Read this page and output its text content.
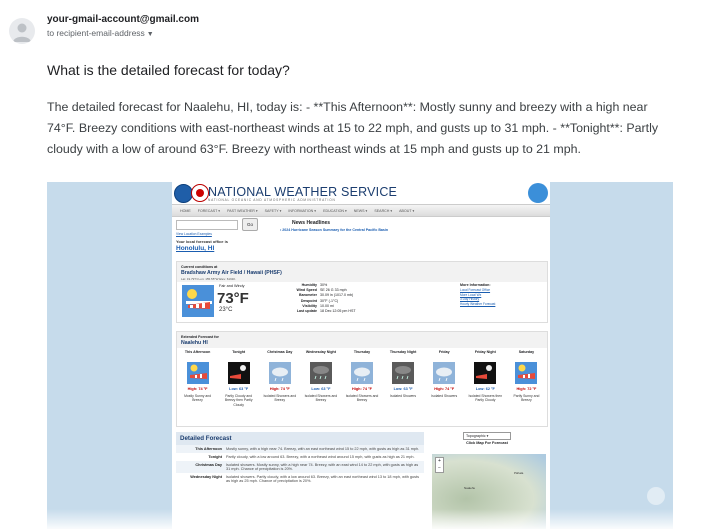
your-gmail-account@gmail.com
to recipient-email-address ▼
What is the detailed forecast for today?

The detailed forecast for Naalehu, HI, today is: - **This Afternoon**: Mostly sunny and breezy with a high near 74°F. Breezy conditions with east-northeast winds at 15 to 22 mph, and gusts up to 31 mph. - **Tonight**: Partly cloudy with a low of around 63°F. Breezy with northeast winds at 15 mph and gusts up to 21 mph.

NATIONAL WEATHER SERVICE
NATIONAL OCEANIC AND ATMOSPHERIC ADMINISTRATION
HOME FORECAST ▾ PAST WEATHER ▾ SAFETY ▾ INFORMATION ▾ EDUCATION ▾ NEWS ▾ SEARCH ▾ ABOUT ▾
Go
View Location Examples
Your local forecast office is
Honolulu, HI
News Headlines
• 2024 Hurricane Season Summary for the Central Pacific Basin
Current conditions at
Bradshaw Army Air Field / Hawaii (PHSF)
Lat: 19.79°N Lon: 155.55°W Elev: 6191ft.
Fair and Windy
73°F
23°C
Humidity 30%
Wind Speed SE 26 G 33 mph
Barometer 30.09 in (1017.0 mb)
Dewpoint 30°F (-1°C)
Visibility 10.00 mi
Last update 18 Dec 12:05 pm HST
More Information:
Local Forecast Office
More Local Wx
3 Day History
Hourly Weather Forecast
Extended Forecast for
Naalehu HI
This Afternoon
High: 74 °F
Mostly Sunny and Breezy
Tonight
Low: 63 °F
Partly Cloudy and Breezy then Partly Cloudy
Christmas Day
High: 74 °F
Isolated Showers and Breezy
Wednesday Night
Low: 63 °F
Isolated Showers and Breezy
Thursday
High: 74 °F
Isolated Showers and Breezy
Thursday Night
Low: 63 °F
Isolated Showers
Friday
High: 74 °F
Isolated Showers
Friday Night
Low: 62 °F
Isolated Showers then Partly Cloudy
Saturday
High: 72 °F
Partly Sunny and Breezy
Detailed Forecast
This Afternoon	Mostly sunny, with a high near 74. Breezy, with an east northeast wind 15 to 22 mph, with gusts as high as 31 mph.
Tonight	Partly cloudy, with a low around 63. Breezy, with a northeast wind around 15 mph, with gusts as high as 21 mph.
Christmas Day	Isolated showers. Mostly sunny, with a high near 74. Breezy, with an east wind 14 to 22 mph, with gusts as high as 31 mph. Chance of precipitation is 20%.
Wednesday Night	Isolated showers. Partly cloudy, with a low around 63. Breezy, with an east northeast wind 13 to 18 mph, with gusts as high as 25 mph. Chance of precipitation is 20%.
Topographic ▾
Click Map For Forecast
+
−
Pāhala
Naalehu
